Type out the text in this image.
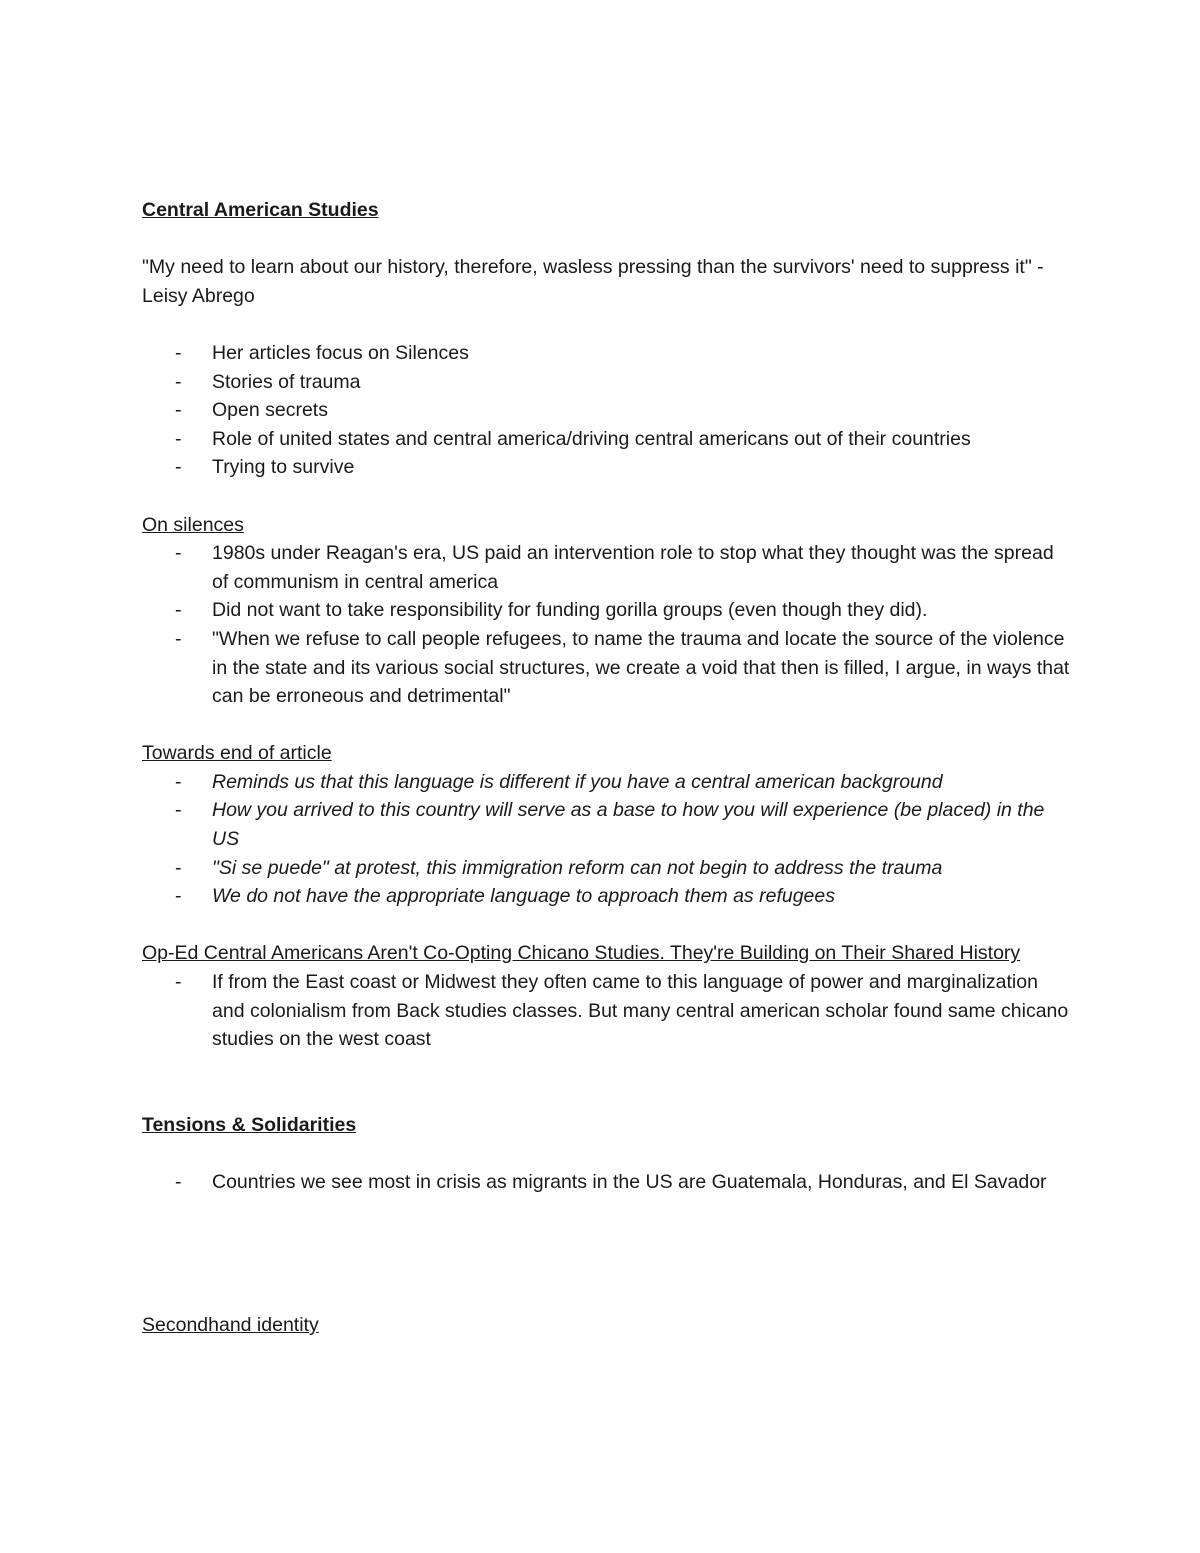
Central American Studies

"My need to learn about our history, therefore, wasless pressing than the survivors' need to suppress it" - Leisy Abrego

- Her articles focus on Silences
- Stories of trauma
- Open secrets
- Role of united states and central america/driving central americans out of their countries
- Trying to survive

On silences

- 1980s under Reagan's era, US paid an intervention role to stop what they thought was the spread of communism in central america
- Did not want to take responsibility for funding gorilla groups (even though they did).
- "When we refuse to call people refugees, to name the trauma and locate the source of the violence in the state and its various social structures, we create a void that then is filled, I argue, in ways that can be erroneous and detrimental"

Towards end of article

- Reminds us that this language is different if you have a central american background
- How you arrived to this country will serve as a base to how you will experience (be placed) in the US
- "Si se puede" at protest, this immigration reform can not begin to address the trauma
- We do not have the appropriate language to approach them as refugees

Op-Ed Central Americans Aren't Co-Opting Chicano Studies. They're Building on Their Shared History

- If from the East coast or Midwest they often came to this language of power and marginalization and colonialism from Back studies classes. But many central american scholar found same chicano studies on the west coast

Tensions & Solidarities

- Countries we see most in crisis as migrants in the US are Guatemala, Honduras, and El Savador

Secondhand identity
